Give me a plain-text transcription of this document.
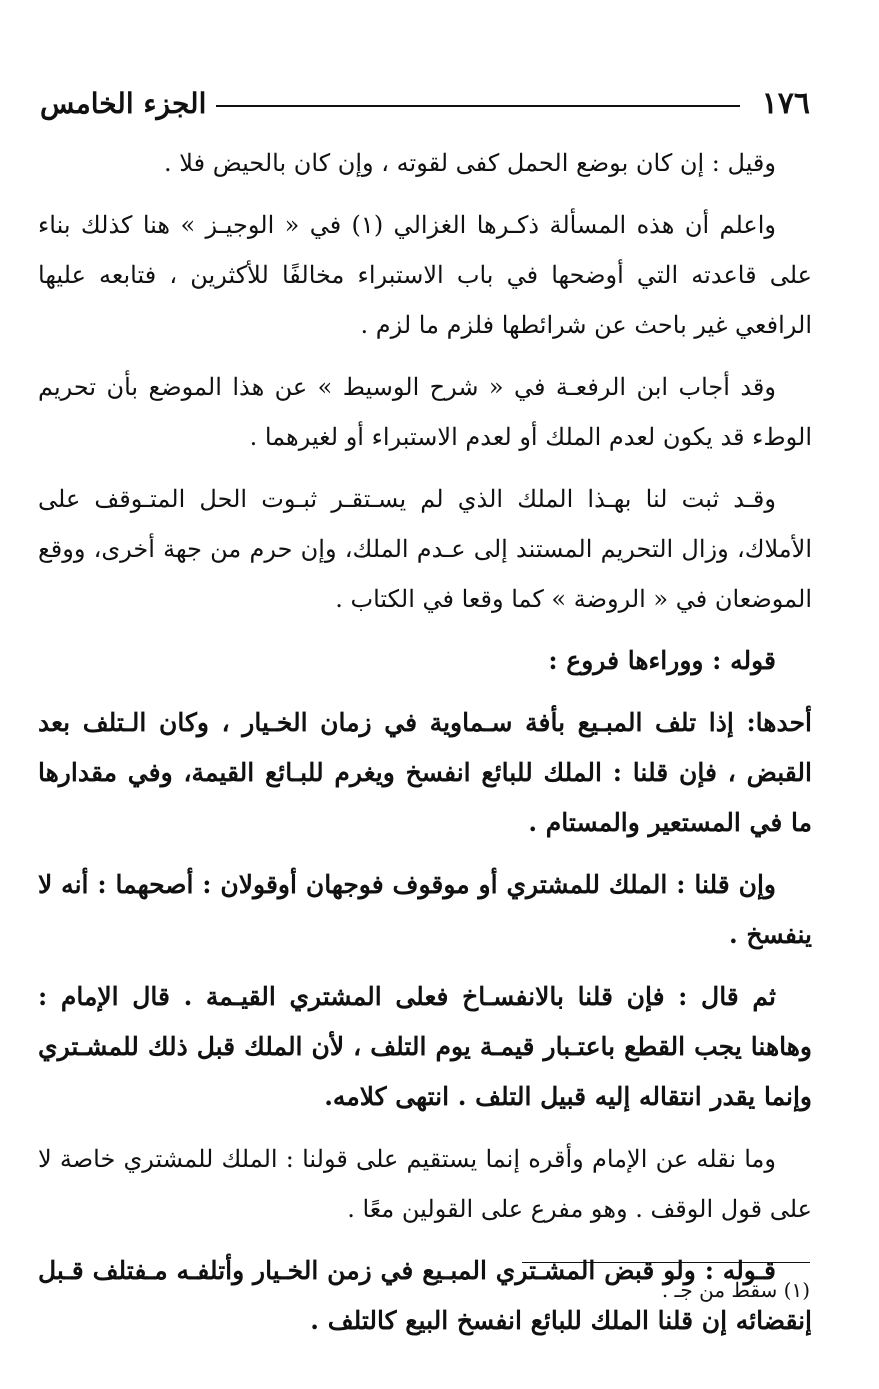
١٧٦
الجزء الخامس

وقيل : إن كان بوضع الحمل كفى لقوته ، وإن كان بالحيض فلا .

واعلم أن هذه المسألة ذكـرها الغزالي (١) في « الوجيـز » هنا كذلك بناء على قاعدته التي أوضحها في باب الاستبراء مخالفًا للأكثرين ، فتابعه عليها الرافعي غير باحث عن شرائطها فلزم ما لزم .

وقد أجاب ابن الرفعـة في « شرح الوسيط » عن هذا الموضع بأن تحريم الوطء قد يكون لعدم الملك أو لعدم الاستبراء أو لغيرهما .

وقـد ثبت لنا بهـذا الملك الذي لم يسـتقـر ثبـوت الحل المتـوقف على الأملاك، وزال التحريم المستند إلى عـدم الملك، وإن حرم من جهة أخرى، ووقع الموضعان في « الروضة » كما وقعا في الكتاب .

قوله : ووراءها فروع :

أحدها: إذا تلف المبـيع بأفة سـماوية في زمان الخـيار ، وكان الـتلف بعد القبض ، فإن قلنا : الملك للبائع انفسخ ويغرم للبـائع القيمة، وفي مقدارها ما في المستعير والمستام .

وإن قلنا : الملك للمشتري أو موقوف فوجهان أوقولان : أصحهما : أنه لا ينفسخ .

ثم قال : فإن قلنا بالانفسـاخ فعلى المشتري القيـمة . قال الإمام : وهاهنا يجب القطع باعتـبار قيمـة يوم التلف ، لأن الملك قبل ذلك للمشـتري وإنما يقدر انتقاله إليه قبيل التلف . انتهى كلامه.

وما نقله عن الإمام وأقره إنما يستقيم على قولنا : الملك للمشتري خاصة لا على قول الوقف . وهو مفرع على القولين معًا .

قـوله : ولو قبض المشـتري المبـيع في زمن الخـيار وأتلفـه مـفتلف قـبل إنقضائه إن قلنا الملك للبائع انفسخ البيع كالتلف .

(١) سقط من جـ .
